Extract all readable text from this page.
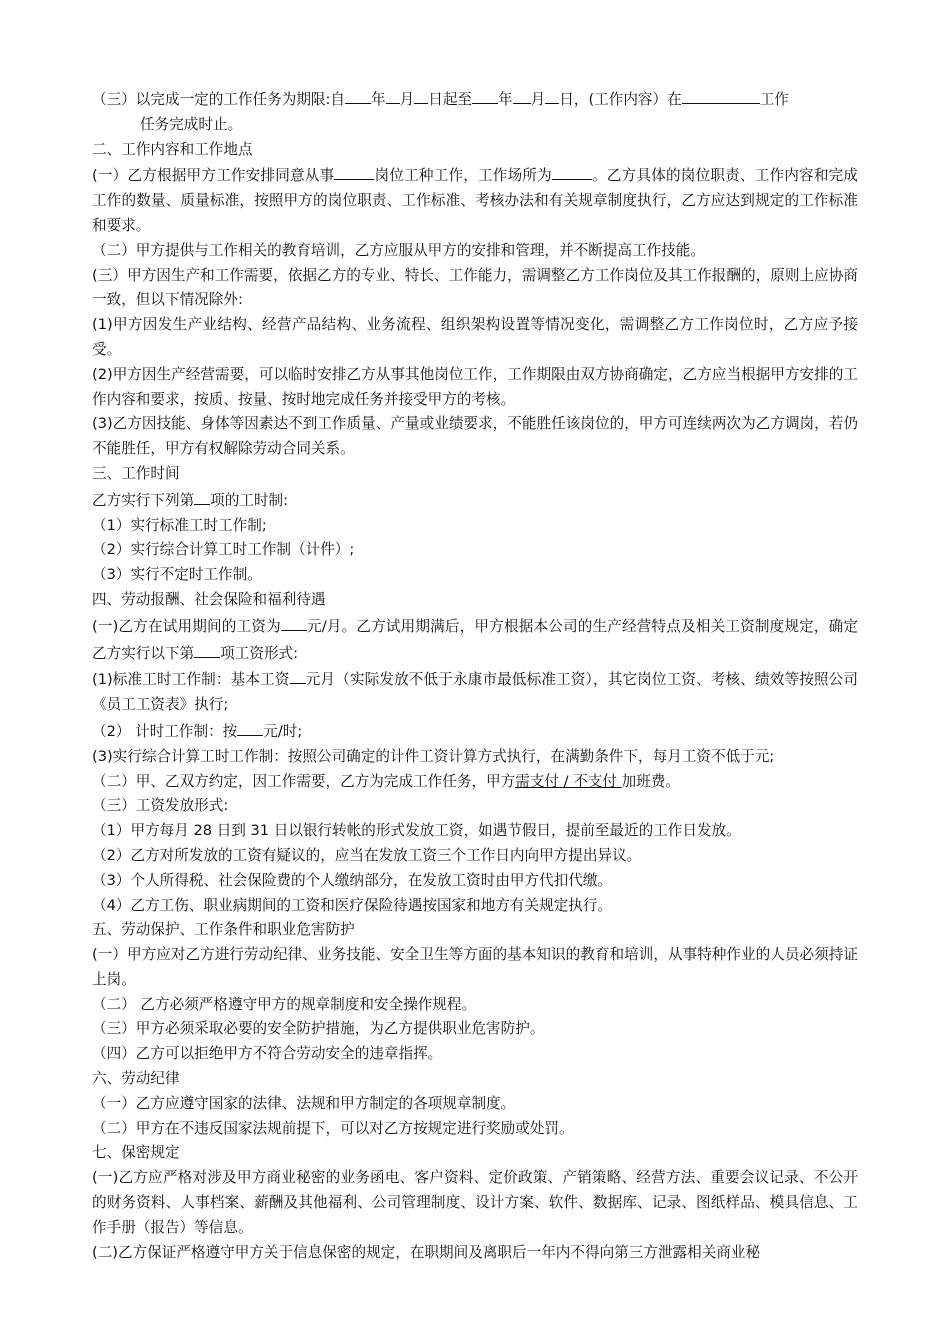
（三）以完成一定的工作任务为期限:自 年 月 日起至 年 月 日，(工作内容）在	工作

任务完成时止。

二、工作内容和工作地点

(一）乙方根据甲方工作安排同意从事	岗位工种工作，工作场所为	。乙方具体的岗位职责、工作内容和完成工作的数量、质量标准，按照甲方的岗位职责、工作标准、考核办法和有关规章制度执行，乙方应达到规定的工作标准和要求。

（二）甲方提供与工作相关的教育培训，乙方应服从甲方的安排和管理，并不断提高工作技能。

(三）甲方因生产和工作需要，依据乙方的专业、特长、工作能力，需调整乙方工作岗位及其工作报酬的，原则上应协商一致，但以下情况除外:

(1)甲方因发生产业结构、经营产品结构、业务流程、组织架构设置等情况变化，需调整乙方工作岗位时，乙方应予接受。

(2)甲方因生产经营需要，可以临时安排乙方从事其他岗位工作，工作期限由双方协商确定，乙方应当根据甲方安排的工作内容和要求，按质、按量、按时地完成任务并接受甲方的考核。

(3)乙方因技能、身体等因素达不到工作质量、产量或业绩要求，不能胜任该岗位的，甲方可连续两次为乙方调岗，若仍不能胜任，甲方有权解除劳动合同关系。

三、工作时间

乙方实行下列第 项的工时制:

（1）实行标准工时工作制;

（2）实行综合计算工时工作制（计件）;

（3）实行不定时工作制。

四、劳动报酬、社会保险和福利待遇

(一)乙方在试用期间的工资为 元/月。乙方试用期满后，甲方根据本公司的生产经营特点及相关工资制度规定，确定乙方实行以下第 项工资形式:

(1)标准工时工作制：基本工资 元月（实际发放不低于永康市最低标准工资），其它岗位工资、考核、绩效等按照公司《员工工资表》执行;

（2） 计时工作制：按 元/时;

(3)实行综合计算工时工作制：按照公司确定的计件工资计算方式执行，在满勤条件下，每月工资不低于元;

（二）甲、乙双方约定，因工作需要，乙方为完成工作任务，甲方需支付 / 不支付 加班费。

（三）工资发放形式:

（1）甲方每月 28 日到 31 日以银行转帐的形式发放工资，如遇节假日，提前至最近的工作日发放。

（2）乙方对所发放的工资有疑议的，应当在发放工资三个工作日内向甲方提出异议。

（3）个人所得税、社会保险费的个人缴纳部分，在发放工资时由甲方代扣代缴。

（4）乙方工伤、职业病期间的工资和医疗保险待遇按国家和地方有关规定执行。

五、劳动保护、工作条件和职业危害防护

(一）甲方应对乙方进行劳动纪律、业务技能、安全卫生等方面的基本知识的教育和培训，从事特种作业的人员必须持证上岗。

（二） 乙方必须严格遵守甲方的规章制度和安全操作规程。

（三）甲方必须采取必要的安全防护措施，为乙方提供职业危害防护。

（四）乙方可以拒绝甲方不符合劳动安全的违章指挥。

六、劳动纪律

（一）乙方应遵守国家的法律、法规和甲方制定的各项规章制度。

（二）甲方在不违反国家法规前提下，可以对乙方按规定进行奖励或处罚。

七、保密规定

(一)乙方应严格对涉及甲方商业秘密的业务函电、客户资料、定价政策、产销策略、经营方法、重要会议记录、不公开的财务资料、人事档案、薪酬及其他福利、公司管理制度、设计方案、软件、数据库、记录、图纸样品、模具信息、工作手册（报告）等信息。

(二)乙方保证严格遵守甲方关于信息保密的规定，在职期间及离职后一年内不得向第三方泄露相关商业秘
